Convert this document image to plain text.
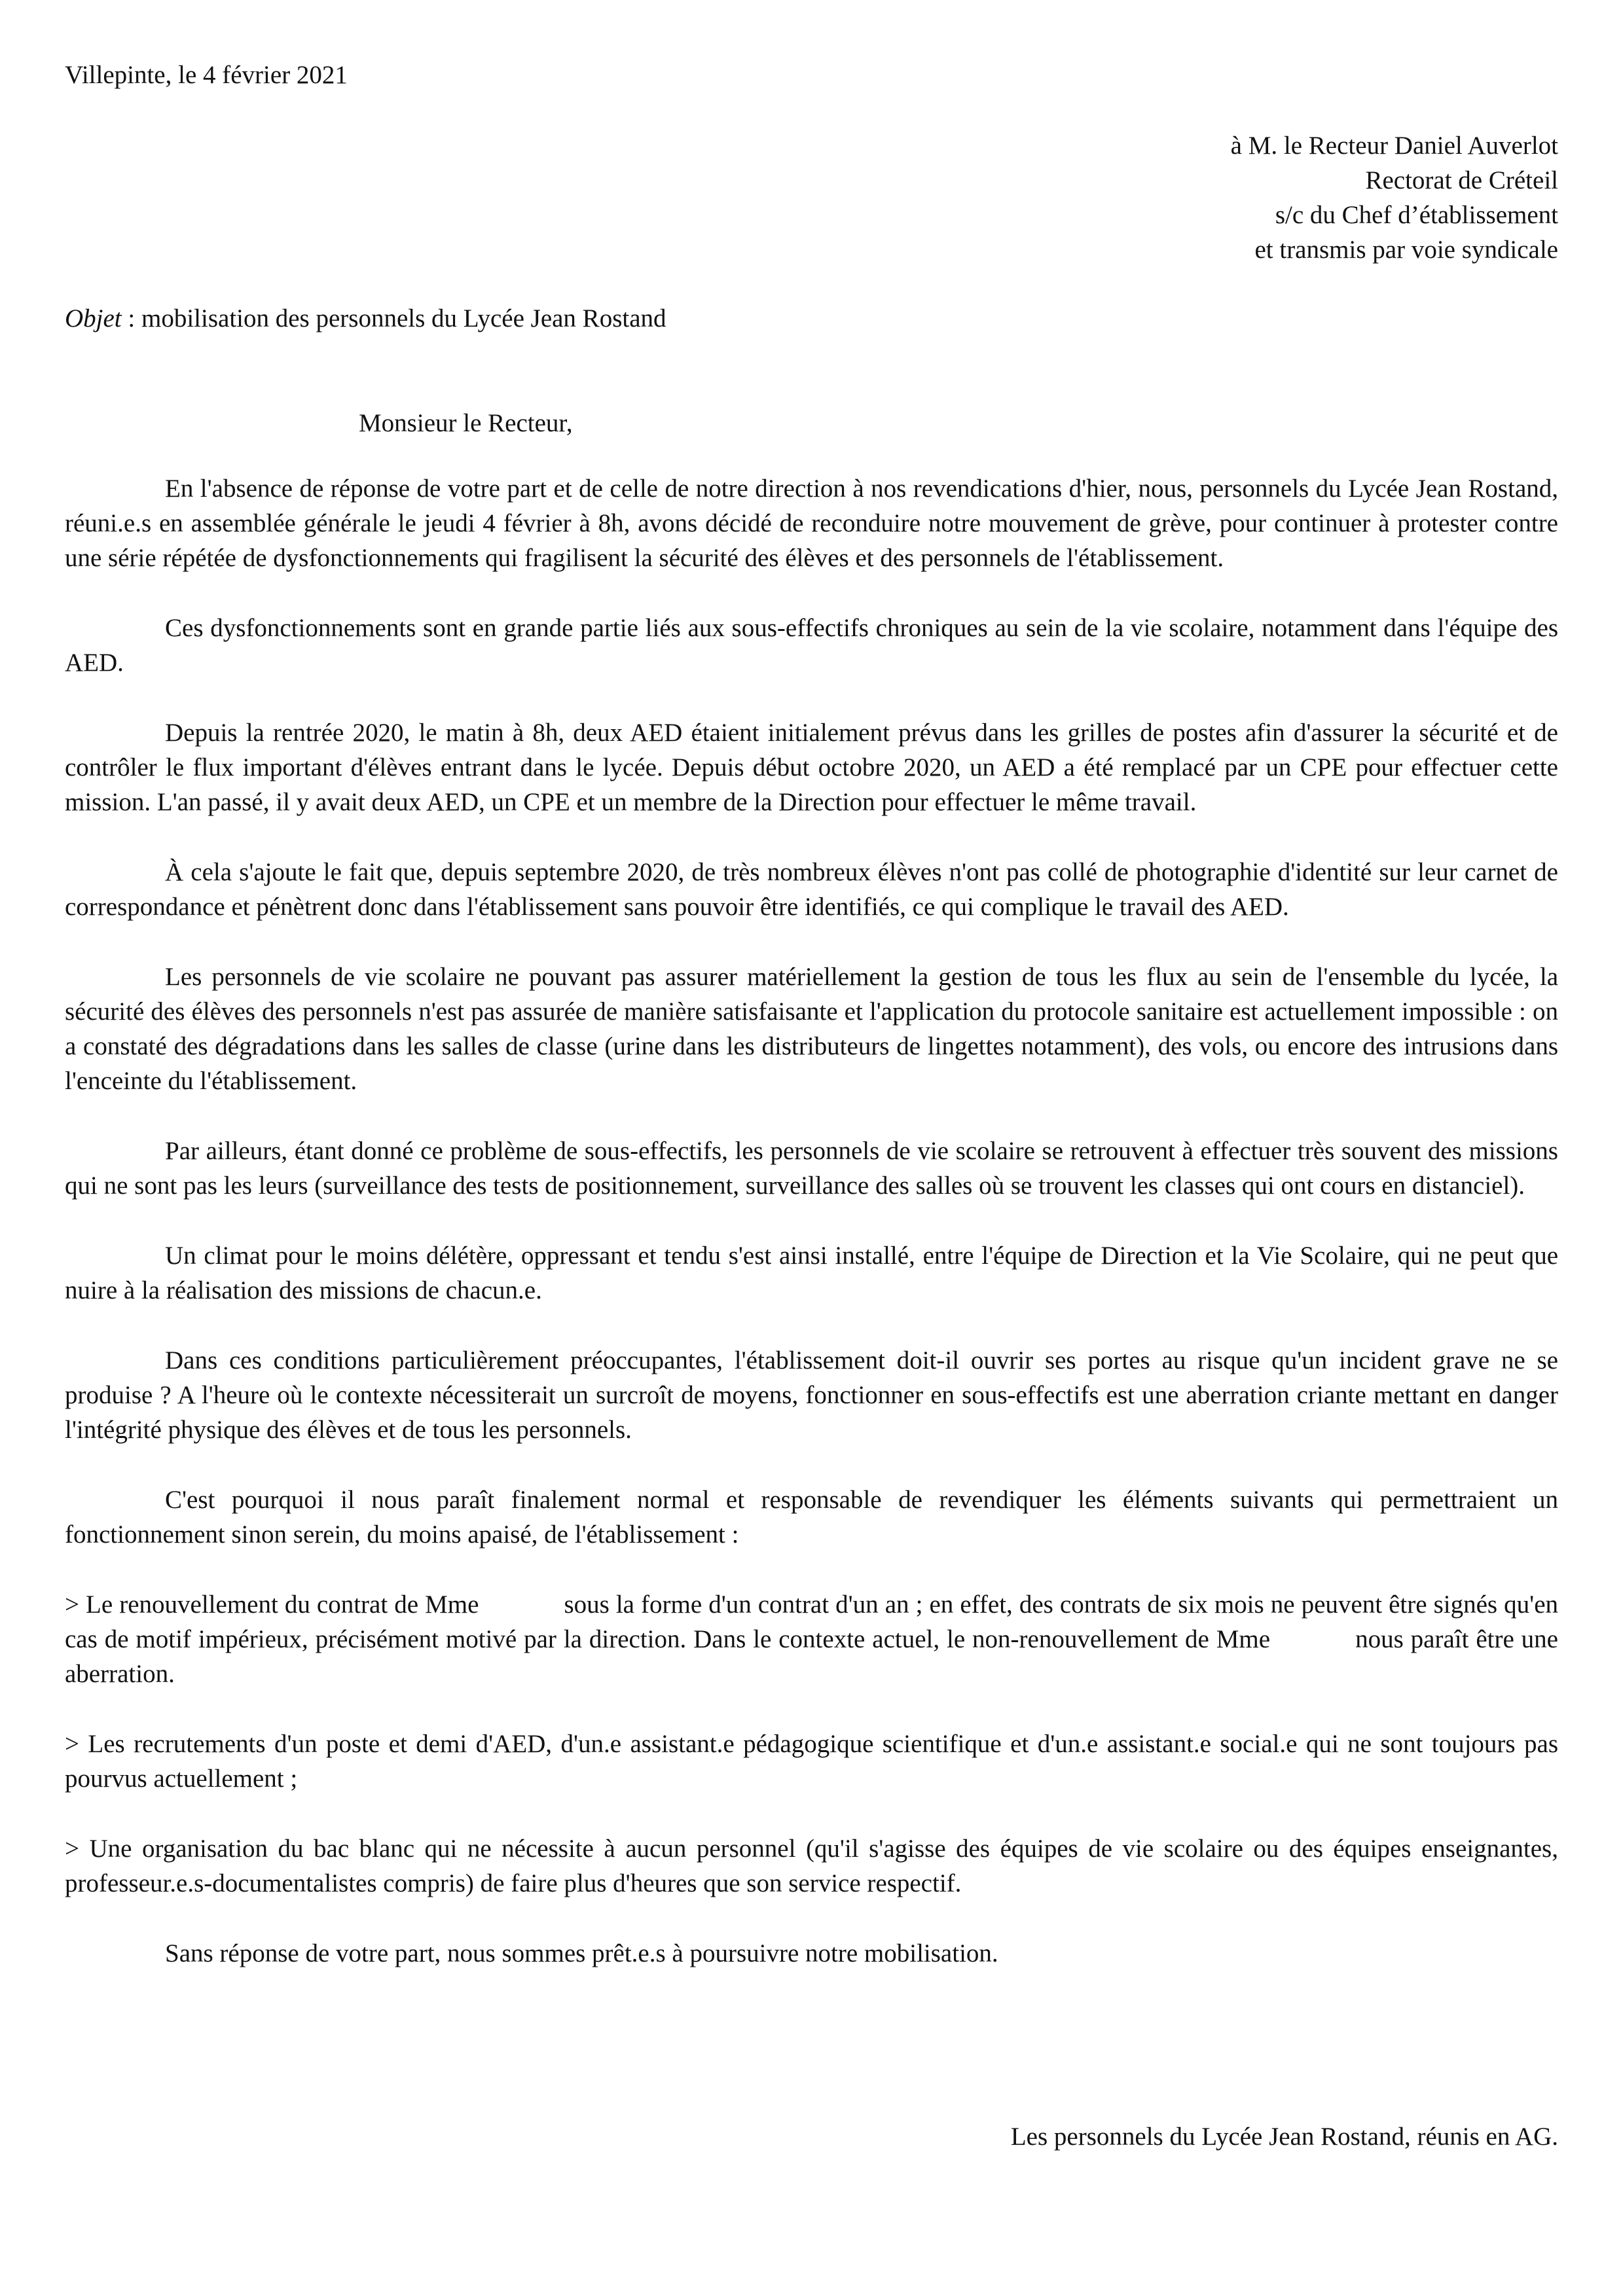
Villepinte, le 4 février 2021

à M. le Recteur Daniel Auverlot
Rectorat de Créteil
s/c du Chef d’établissement
et transmis par voie syndicale

Objet : mobilisation des personnels du Lycée Jean Rostand

Monsieur le Recteur,

En l'absence de réponse de votre part et de celle de notre direction à nos revendications d'hier, nous, personnels du Lycée Jean Rostand, réuni.e.s en assemblée générale le jeudi 4 février à 8h, avons décidé de reconduire notre mouvement de grève, pour continuer à protester contre une série répétée de dysfonctionnements qui fragilisent la sécurité des élèves et des personnels de l'établissement.

Ces dysfonctionnements sont en grande partie liés aux sous-effectifs chroniques au sein de la vie scolaire, notamment dans l'équipe des AED.

Depuis la rentrée 2020, le matin à 8h, deux AED étaient initialement prévus dans les grilles de postes afin d'assurer la sécurité et de contrôler le flux important d'élèves entrant dans le lycée. Depuis début octobre 2020, un AED a été remplacé par un CPE pour effectuer cette mission. L'an passé, il y avait deux AED, un CPE et un membre de la Direction pour effectuer le même travail.

À cela s'ajoute le fait que, depuis septembre 2020, de très nombreux élèves n'ont pas collé de photographie d'identité sur leur carnet de correspondance et pénètrent donc dans l'établissement sans pouvoir être identifiés, ce qui complique le travail des AED.

Les personnels de vie scolaire ne pouvant pas assurer matériellement la gestion de tous les flux au sein de l'ensemble du lycée, la sécurité des élèves des personnels n'est pas assurée de manière satisfaisante et l'application du protocole sanitaire est actuellement impossible : on a constaté des dégradations dans les salles de classe (urine dans les distributeurs de lingettes notamment), des vols, ou encore des intrusions dans l'enceinte du l'établissement.

Par ailleurs, étant donné ce problème de sous-effectifs, les personnels de vie scolaire se retrouvent à effectuer très souvent des missions qui ne sont pas les leurs (surveillance des tests de positionnement, surveillance des salles où se trouvent les classes qui ont cours en distanciel).

Un climat pour le moins délétère, oppressant et tendu s'est ainsi installé, entre l'équipe de Direction et la Vie Scolaire, qui ne peut que nuire à la réalisation des missions de chacun.e.

Dans ces conditions particulièrement préoccupantes, l'établissement doit-il ouvrir ses portes au risque qu'un incident grave ne se produise ? A l'heure où le contexte nécessiterait un surcroît de moyens, fonctionner en sous-effectifs est une aberration criante mettant en danger l'intégrité physique des élèves et de tous les personnels.

C'est pourquoi il nous paraît finalement normal et responsable de revendiquer les éléments suivants qui permettraient un fonctionnement sinon serein, du moins apaisé, de l'établissement :

> Le renouvellement du contrat de Mme	sous la forme d'un contrat d'un an ; en effet, des contrats de six mois ne peuvent être signés qu'en cas de motif impérieux, précisément motivé par la direction. Dans le contexte actuel, le non-renouvellement de Mme	nous paraît être une aberration.

> Les recrutements d'un poste et demi d'AED, d'un.e assistant.e pédagogique scientifique et d'un.e assistant.e social.e qui ne sont toujours pas pourvus actuellement ;

> Une organisation du bac blanc qui ne nécessite à aucun personnel (qu'il s'agisse des équipes de vie scolaire ou des équipes enseignantes, professeur.e.s-documentalistes compris) de faire plus d'heures que son service respectif.

Sans réponse de votre part, nous sommes prêt.e.s à poursuivre notre mobilisation.

Les personnels du Lycée Jean Rostand, réunis en AG.
